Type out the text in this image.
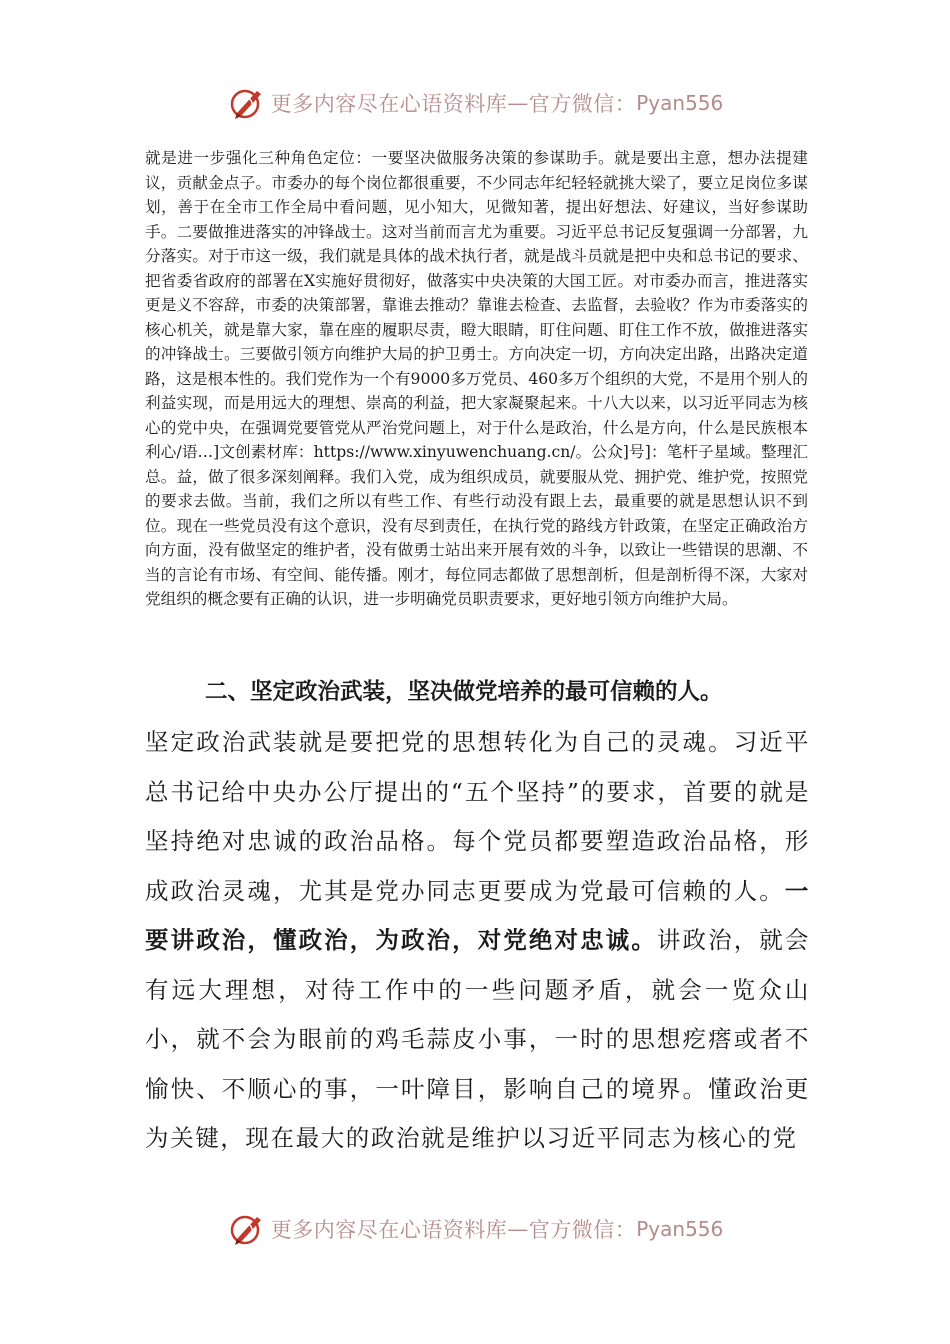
更多内容尽在心语资料库 — 官方微信： Pyan556

就是进一步强化三种角色定位：一要坚决做服务决策的参谋助手。就是要出主意，想办法提建议，贡献金点子。市委办的每个岗位都很重要，不少同志年纪轻轻就挑大梁了，要立足岗位多谋划，善于在全市工作全局中看问题，见小知大，见微知著，提出好想法、好建议，当好参谋助手。二要做推进落实的冲锋战士。这对当前而言尤为重要。习近平总书记反复强调一分部署，九分落实。对于市这一级，我们就是具体的战术执行者，就是战斗员就是把中央和总书记的要求、把省委省政府的部署在X实施好贯彻好，做落实中央决策的大国工匠。对市委办而言，推进落实更是义不容辞，市委的决策部署，靠谁去推动？靠谁去检查、去监督，去验收？作为市委落实的核心机关，就是靠大家，靠在座的履职尽责，瞪大眼睛，盯住问题、盯住工作不放，做推进落实的冲锋战士。三要做引领方向维护大局的护卫勇士。方向决定一切，方向决定出路，出路决定道路，这是根本性的。我们党作为一个有9000多万党员、460多万个组织的大党，不是用个别人的利益实现，而是用远大的理想、崇高的利益，把大家凝聚起来。十八大以来，以习近平同志为核心的党中央，在强调党要管党从严治党问题上，对于什么是政治，什么是方向，什么是民族根本利心/语…]文创素材库：https://www.xinyuwenchuang.cn/。公众]号]：笔杆子星域。整理汇总。益，做了很多深刻阐释。我们入党，成为组织成员，就要服从党、拥护党、维护党，按照党的要求去做。当前，我们之所以有些工作、有些行动没有跟上去，最重要的就是思想认识不到位。现在一些党员没有这个意识，没有尽到责任，在执行党的路线方针政策，在坚定正确政治方向方面，没有做坚定的维护者，没有做勇士站出来开展有效的斗争，以致让一些错误的思潮、不当的言论有市场、有空间、能传播。刚才，每位同志都做了思想剖析，但是剖析得不深，大家对党组织的概念要有正确的认识，进一步明确党员职责要求，更好地引领方向维护大局。

二、坚定政治武装，坚决做党培养的最可信赖的人。

坚定政治武装就是要把党的思想转化为自己的灵魂。习近平总书记给中央办公厅提出的“五个坚持”的要求，首要的就是坚持绝对忠诚的政治品格。每个党员都要塑造政治品格，形成政治灵魂，尤其是党办同志更要成为党最可信赖的人。一要讲政治，懂政治，为政治，对党绝对忠诚。讲政治，就会有远大理想，对待工作中的一些问题矛盾，就会一览众山小，就不会为眼前的鸡毛蒜皮小事，一时的思想疙瘩或者不愉快、不顺心的事，一叶障目，影响自己的境界。懂政治更为关键，现在最大的政治就是维护以习近平同志为核心的党

更多内容尽在心语资料库 — 官方微信： Pyan556
